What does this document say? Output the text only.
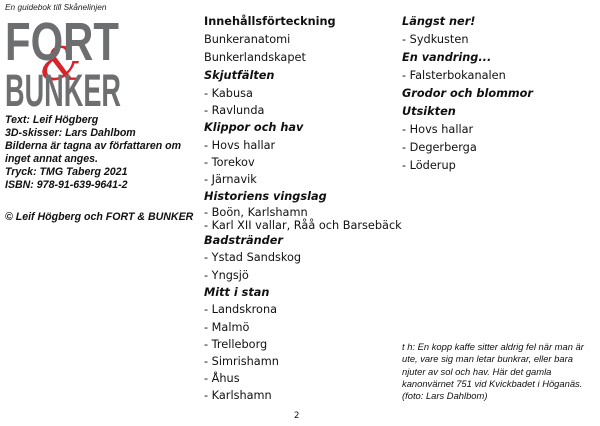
En guidebok till Skånelinjen
&
FORT
BUNKER
Text: Leif Högberg
3D-skisser: Lars Dahlbom
Bilderna är tagna av författaren om
inget annat anges.
Tryck: TMG Taberg 2021
ISBN: 978-91-639-9641-2
© Leif Högberg och FORT & BUNKER
Innehållsförteckning
Bunkeranatomi
Bunkerlandskapet
Skjutfälten
- Kabusa
- Ravlunda
Klippor och hav
- Hovs hallar
- Torekov
- Järnavik
Historiens vingslag
- Boön, Karlshamn
- Karl XII vallar, Råå och Barsebäck
Badstränder
- Ystad Sandskog
- Yngsjö
Mitt i stan
- Landskrona
- Malmö
- Trelleborg
- Simrishamn
- Åhus
- Karlshamn
Längst ner!
- Sydkusten
En vandring...
- Falsterbokanalen
Grodor och blommor
Utsikten
- Hovs hallar
- Degerberga
- Löderup

t h: En kopp kaffe sitter aldrig fel när man är ute, vare sig man letar bunkrar, eller bara njuter av sol och hav. Här det gamla kanonvärnet 751 vid Kvickbadet i Höganäs. (foto: Lars Dahlbom)

2
